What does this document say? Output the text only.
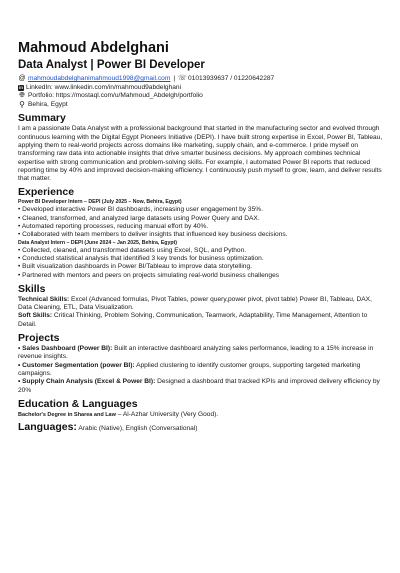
Mahmoud Abdelghani
Data Analyst | Power BI Developer
@ mahmoudabdelghanimahmoud1998@gmail.com | ☏ 01013939637 / 01220642287
in LinkedIn: www.linkedin.com/in/mahmoud9abdelghani
🌐︎ Portfolio: https://mostaql.com/u/Mahmoud_Abdelgh/portfolio
⚲ Behira, Egypt
Summary
I am a passionate Data Analyst with a professional background that started in the manufacturing sector and evolved through continuous learning with the Digital Egypt Pioneers Initiative (DEPI). I have built strong expertise in Excel, Power BI, Tableau, applying them to real-world projects across domains like marketing, supply chain, and e-commerce. I pride myself on transforming raw data into actionable insights that drive smarter business decisions. My approach combines technical expertise with strong communication and problem-solving skills. For example, I automated Power BI reports that reduced reporting time by 40% and improved decision-making efficiency. I continuously push myself to grow, learn, and deliver results that matter.
Experience
Power BI Developer Intern – DEPI (July 2025 – Now, Behira, Egypt)
• Developed interactive Power BI dashboards, increasing user engagement by 35%.
• Cleaned, transformed, and analyzed large datasets using Power Query and DAX.
• Automated reporting processes, reducing manual effort by 40%.
• Collaborated with team members to deliver insights that influenced key business decisions.
Data Analyst Intern – DEPI (June 2024 – Jan 2025, Behira, Egypt)
• Collected, cleaned, and transformed datasets using Excel, SQL, and Python.
• Conducted statistical analysis that identified 3 key trends for business optimization.
• Built visualization dashboards in Power BI/Tableau to improve data storytelling.
• Partnered with mentors and peers on projects simulating real-world business challenges
Skills
Technical Skills: Excel (Advanced formulas, Pivot Tables, power query,power pivot, pivot table) Power BI, Tableau, DAX, Data Cleaning, ETL, Data Visualization.
Soft Skills: Critical Thinking, Problem Solving, Communication, Teamwork, Adaptability, Time Management, Attention to Detail.
Projects
• Sales Dashboard (Power BI): Built an interactive dashboard analyzing sales performance, leading to a 15% increase in revenue insights.
• Customer Segmentation (power BI): Applied clustering to identify customer groups, supporting targeted marketing campaigns.
• Supply Chain Analysis (Excel & Power BI): Designed a dashboard that tracked KPIs and improved delivery efficiency by 20%
Education & Languages
Bachelor's Degree in Sharea and Law – Al-Azhar University (Very Good).
Languages: Arabic (Native), English (Conversational)
